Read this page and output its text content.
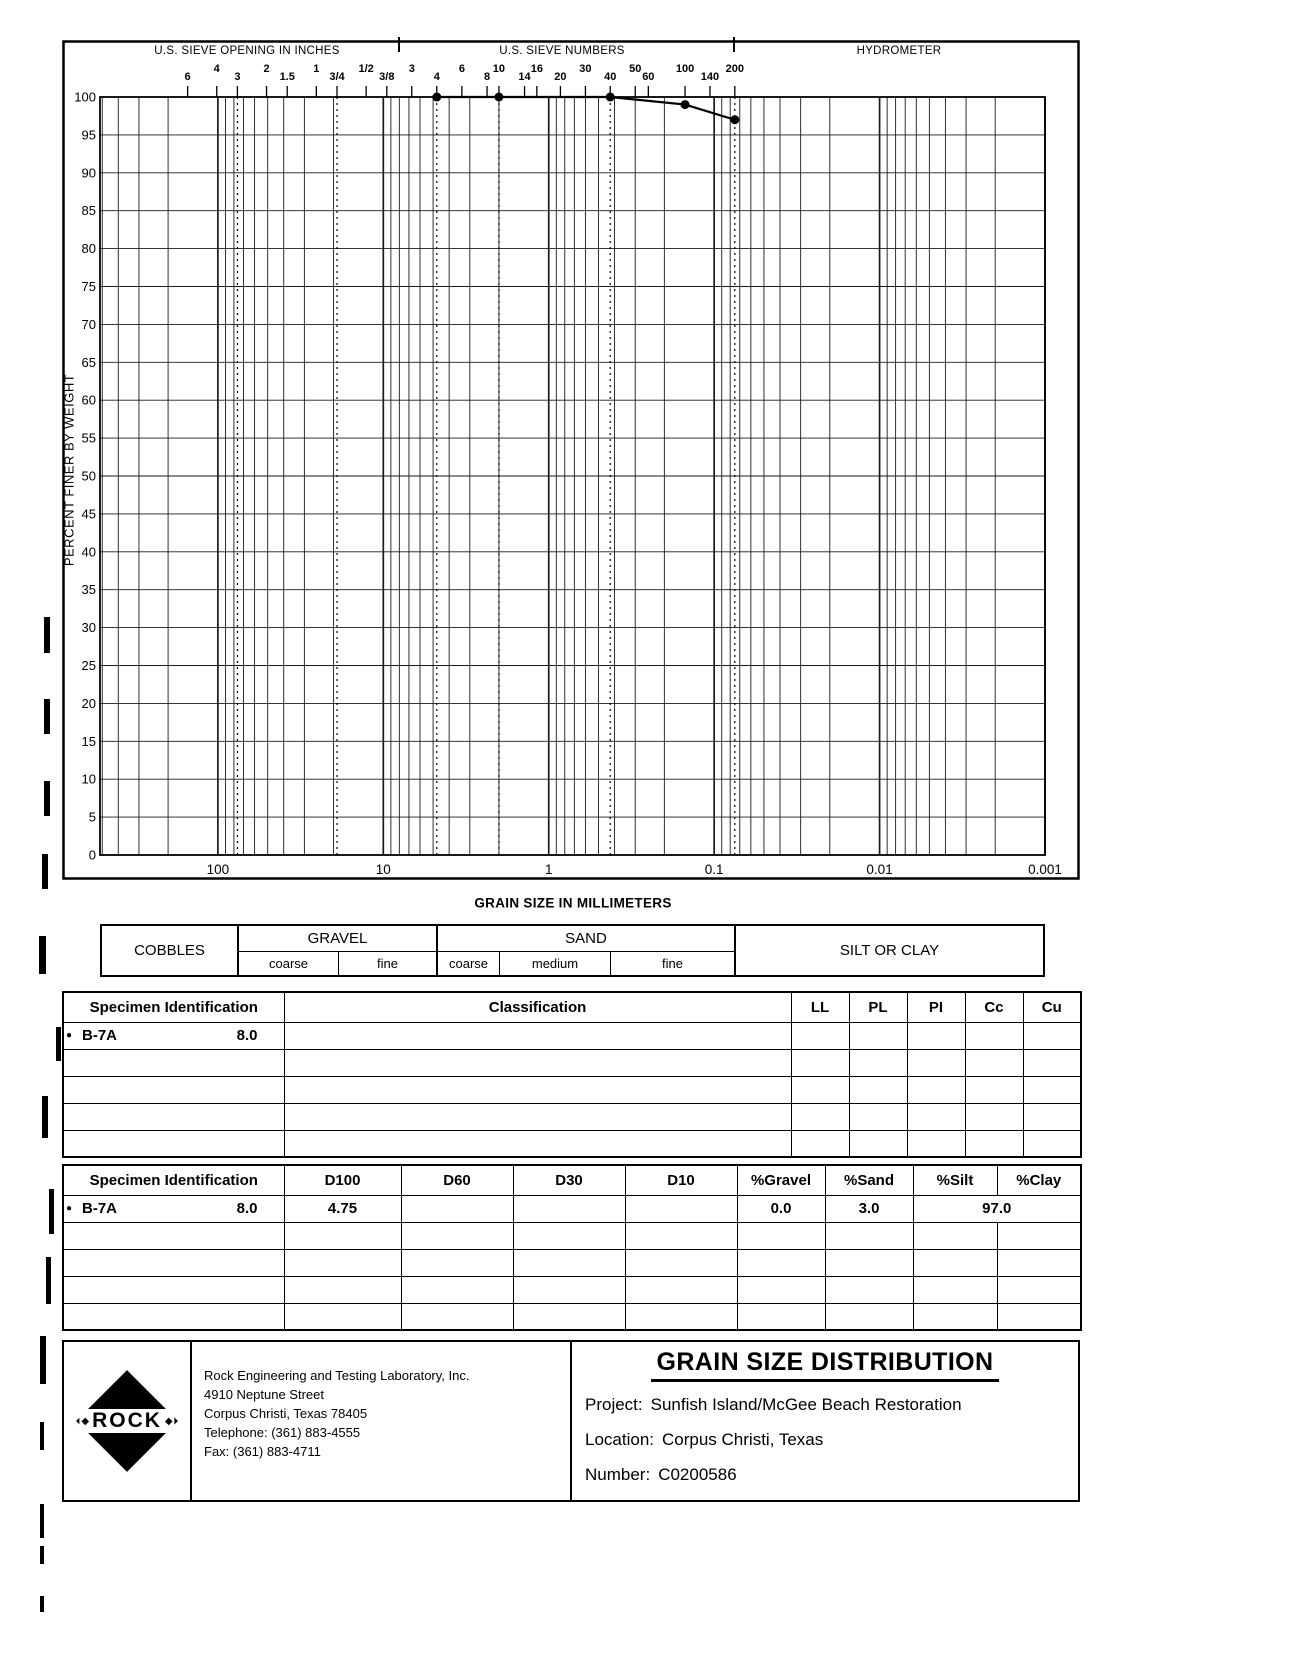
6
4
3
2
1.5
1
3/4
1/2
3/8
3
4
6
8
10
14
16
20
30
40
50
60
100
140
200
0
5
10
15
20
25
30
35
40
45
50
55
60
65
70
75
80
85
90
95
100
100	10	1	0.1	0.01	0.001
U.S. SIEVE OPENING IN INCHES	U.S. SIEVE NUMBERS	HYDROMETER
PERCENT FINER BY WEIGHT
GRAIN SIZE IN MILLIMETERS
COBBLES
GRAVEL
coarse	fine
SAND
coarse	medium	fine
SILT OR CLAY
Specimen Identification	Classification	LL	PL	PI	Cc	Cu

● B-7A 8.0						

Specimen Identification	D100	D60	D30	D10	%Gravel	%Sand	%Silt	%Clay

● B-7A 8.0	4.75				0.0	3.0	97.0	

◆ ROCK ◆
Rock Engineering and Testing Laboratory, Inc.
4910 Neptune Street
Corpus Christi, Texas 78405
Telephone: (361) 883-4555
Fax: (361) 883-4711
GRAIN SIZE DISTRIBUTION
Project: Sunfish Island/McGee Beach Restoration
Location: Corpus Christi, Texas
Number: C0200586
